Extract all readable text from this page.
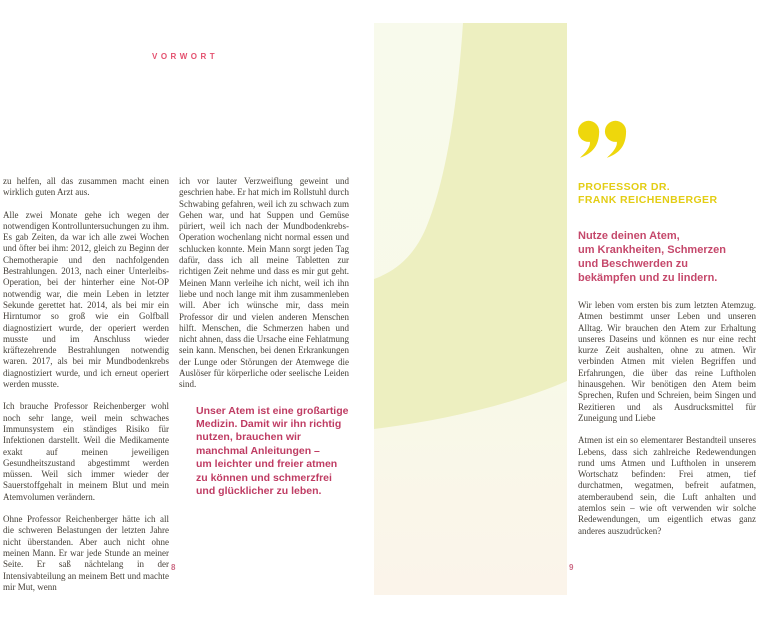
VORWORT

zu helfen, all das zusammen macht einen wirklich guten Arzt aus.

Alle zwei Monate gehe ich wegen der notwendigen Kontrolluntersuchungen zu ihm. Es gab Zeiten, da war ich alle zwei Wochen und öfter bei ihm: 2012, gleich zu Beginn der Chemotherapie und den nachfolgenden Bestrahlungen. 2013, nach einer Unterleibs-Operation, bei der hinterher eine Not-OP notwendig war, die mein Leben in letzter Sekunde gerettet hat. 2014, als bei mir ein Hirntumor so groß wie ein Golfball diagnostiziert wurde, der operiert werden musste und im Anschluss wieder kräftezehrende Bestrahlungen notwendig waren. 2017, als bei mir Mundbodenkrebs diagnostiziert wurde, und ich erneut operiert werden musste.

Ich brauche Professor Reichenberger wohl noch sehr lange, weil mein schwaches Immunsystem ein ständiges Risiko für Infektionen darstellt. Weil die Medikamente exakt auf meinen jeweiligen Gesundheitszustand abgestimmt werden müssen. Weil sich immer wieder der Sauerstoffgehalt in meinem Blut und mein Atemvolumen verändern.

Ohne Professor Reichenberger hätte ich all die schweren Belastungen der letzten Jahre nicht überstanden. Aber auch nicht ohne meinen Mann. Er war jede Stunde an meiner Seite. Er saß nächtelang in der Intensivabteilung an meinem Bett und machte mir Mut, wenn

ich vor lauter Verzweiflung geweint und geschrien habe. Er hat mich im Rollstuhl durch Schwabing gefahren, weil ich zu schwach zum Gehen war, und hat Suppen und Gemüse püriert, weil ich nach der Mundbodenkrebs-Operation wochenlang nicht normal essen und schlucken konnte. Mein Mann sorgt jeden Tag dafür, dass ich all meine Tabletten zur richtigen Zeit nehme und dass es mir gut geht. Meinen Mann verleihe ich nicht, weil ich ihn liebe und noch lange mit ihm zusammenleben will. Aber ich wünsche mir, dass mein Professor dir und vielen anderen Menschen hilft. Menschen, die Schmerzen haben und nicht ahnen, dass die Ursache eine Fehlatmung sein kann. Menschen, bei denen Erkrankungen der Lunge oder Störungen der Atemwege die Auslöser für körperliche oder seelische Leiden sind.

Unser Atem ist eine großartige
Medizin. Damit wir ihn richtig
nutzen, brauchen wir
manchmal Anleitungen –
um leichter und freier atmen
zu können und schmerzfrei
und glücklicher zu leben.
PROFESSOR DR.
FRANK REICHENBERGER
Nutze deinen Atem,
um Krankheiten, Schmerzen
und Beschwerden zu
bekämpfen und zu lindern.

Wir leben vom ersten bis zum letzten Atemzug. Atmen bestimmt unser Leben und unseren Alltag. Wir brauchen den Atem zur Erhaltung unseres Daseins und können es nur eine recht kurze Zeit aushalten, ohne zu atmen. Wir verbinden Atmen mit vielen Begriffen und Erfahrungen, die über das reine Luftholen hinausgehen. Wir benötigen den Atem beim Sprechen, Rufen und Schreien, beim Singen und Rezitieren und als Ausdrucksmittel für Zuneigung und Liebe

Atmen ist ein so elementarer Bestandteil unseres Lebens, dass sich zahlreiche Redewendungen rund ums Atmen und Luftholen in unserem Wortschatz befinden: Frei atmen, tief durchatmen, wegatmen, befreit aufatmen, atemberaubend sein, die Luft anhalten und atemlos sein – wie oft verwenden wir solche Redewendungen, um eigentlich etwas ganz anderes auszudrücken?

8	9
